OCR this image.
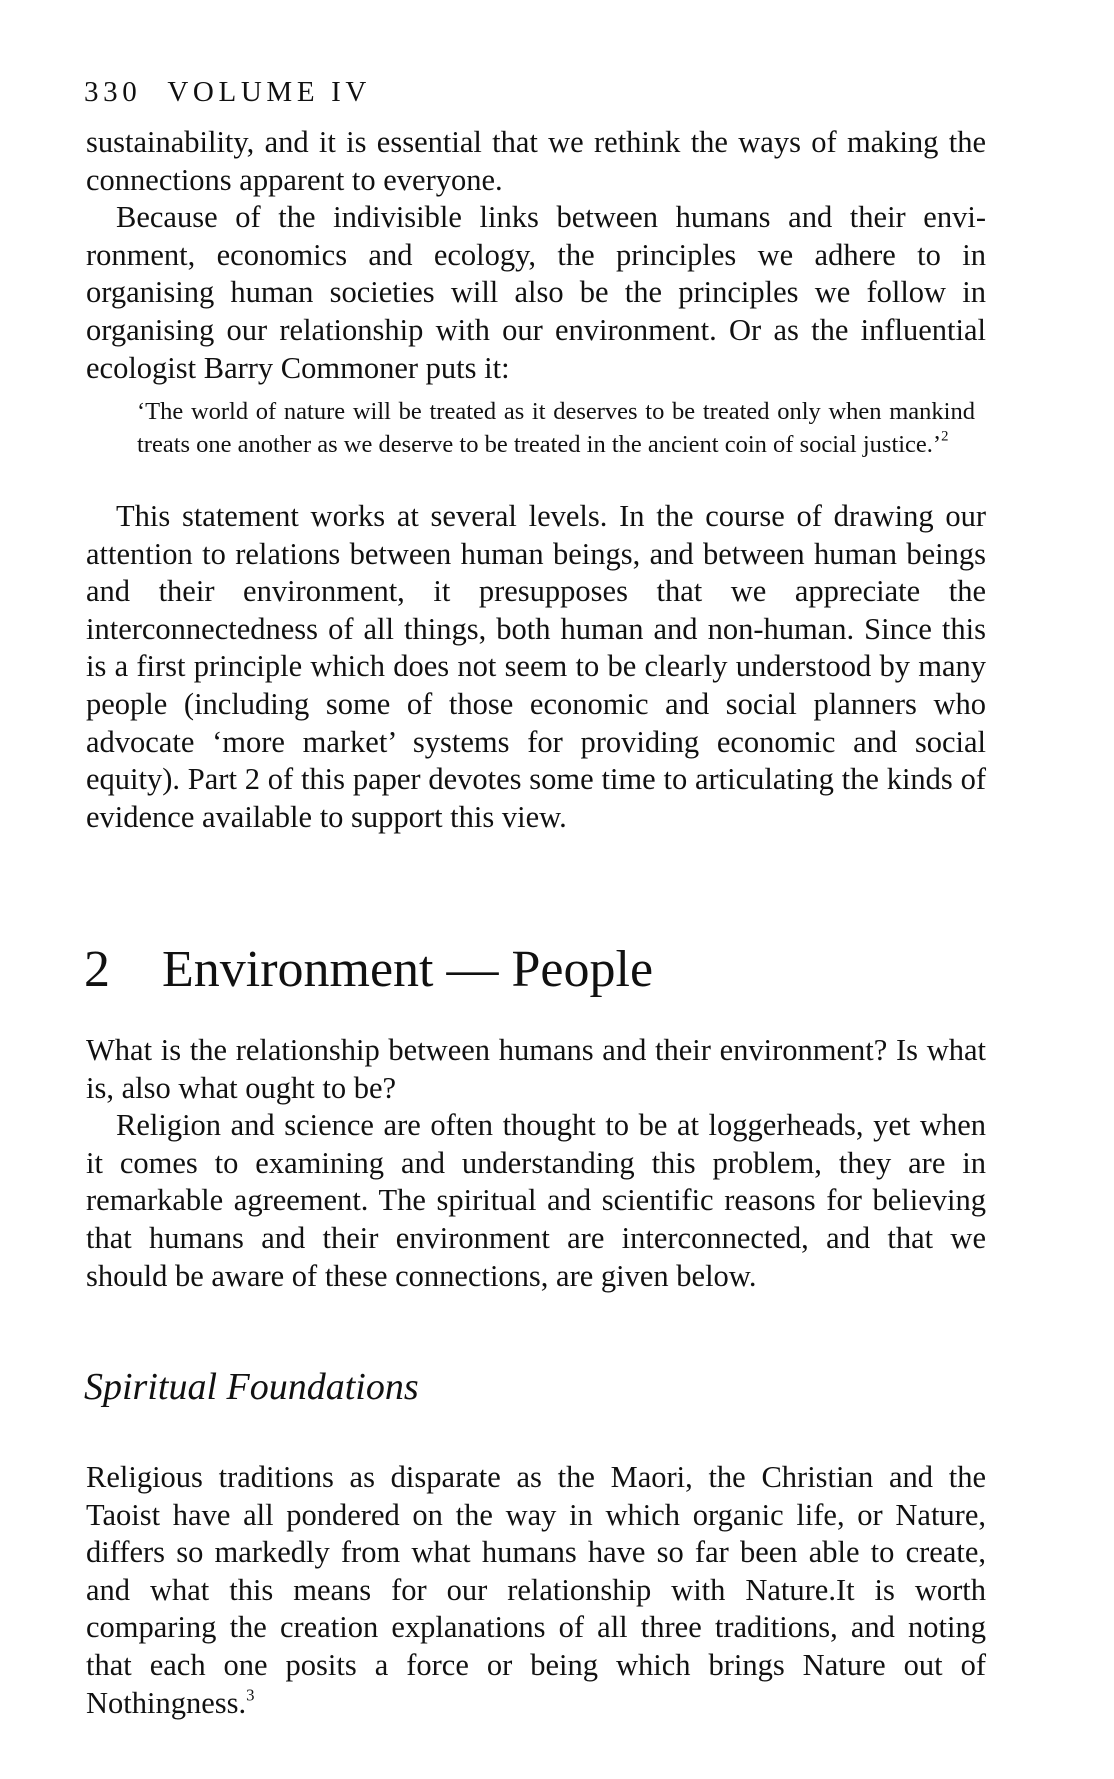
330 VOLUME IV

sustainability, and it is essential that we rethink the ways of making the connections apparent to everyone.

Because of the indivisible links between humans and their environment, economics and ecology, the principles we adhere to in organising human societies will also be the principles we follow in organising our relationship with our environment. Or as the influential ecologist Barry Commoner puts it:

‘The world of nature will be treated as it deserves to be treated only when mankind treats one another as we deserve to be treated in the ancient coin of social justice.’$^2$

This statement works at several levels. In the course of drawing our attention to relations between human beings, and between human beings and their environment, it presupposes that we appreciate the interconnectedness of all things, both human and non-human. Since this is a first principle which does not seem to be clearly understood by many people (including some of those economic and social planners who advocate ‘more market’ systems for providing economic and social equity). Part 2 of this paper devotes some time to articulating the kinds of evidence available to support this view.

2 Environment — People

What is the relationship between humans and their environment? Is what is, also what ought to be?

Religion and science are often thought to be at loggerheads, yet when it comes to examining and understanding this problem, they are in remarkable agreement. The spiritual and scientific reasons for believing that humans and their environment are interconnected, and that we should be aware of these connections, are given below.

Spiritual Foundations

Religious traditions as disparate as the Maori, the Christian and the Taoist have all pondered on the way in which organic life, or Nature, differs so markedly from what humans have so far been able to create, and what this means for our relationship with Nature.It is worth comparing the creation explanations of all three traditions, and noting that each one posits a force or being which brings Nature out of Nothingness.$^3$
